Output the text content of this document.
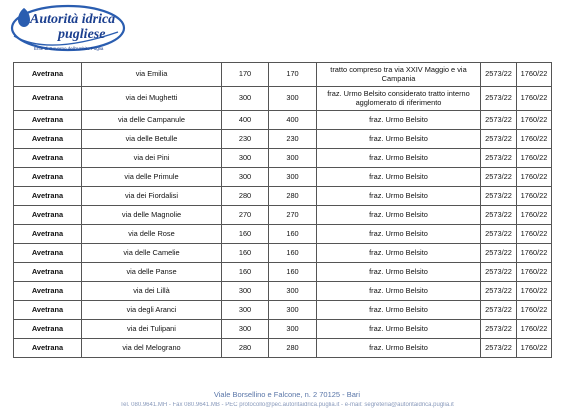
Autorità idrica
pugliese
Ente di Governo dell'Ambito Puglia
Avetrana	via Emilia	170	170	tratto compreso tra via XXIV Maggio e via Campania	2573/22	1760/22
Avetrana	via dei Mughetti	300	300	fraz. Urmo Belsito considerato tratto interno agglomerato di riferimento	2573/22	1760/22
Avetrana	via delle Campanule	400	400	fraz. Urmo Belsito	2573/22	1760/22
Avetrana	via delle Betulle	230	230	fraz. Urmo Belsito	2573/22	1760/22
Avetrana	via dei Pini	300	300	fraz. Urmo Belsito	2573/22	1760/22
Avetrana	via delle Primule	300	300	fraz. Urmo Belsito	2573/22	1760/22
Avetrana	via dei Fiordalisi	280	280	fraz. Urmo Belsito	2573/22	1760/22
Avetrana	via delle Magnolie	270	270	fraz. Urmo Belsito	2573/22	1760/22
Avetrana	via delle Rose	160	160	fraz. Urmo Belsito	2573/22	1760/22
Avetrana	via delle Camelie	160	160	fraz. Urmo Belsito	2573/22	1760/22
Avetrana	via delle Panse	160	160	fraz. Urmo Belsito	2573/22	1760/22
Avetrana	via dei Lillà	300	300	fraz. Urmo Belsito	2573/22	1760/22
Avetrana	via degli Aranci	300	300	fraz. Urmo Belsito	2573/22	1760/22
Avetrana	via dei Tulipani	300	300	fraz. Urmo Belsito	2573/22	1760/22
Avetrana	via del Melograno	280	280	fraz. Urmo Belsito	2573/22	1760/22
Viale Borsellino e Falcone, n. 2 70125 - Bari
Tel. 080.9641.MH - Fax 080.9641.MB - PEC protocollo@pec.autoritaidrica.puglia.it - e-mail: segreteria@autoritaidrica.puglia.it
